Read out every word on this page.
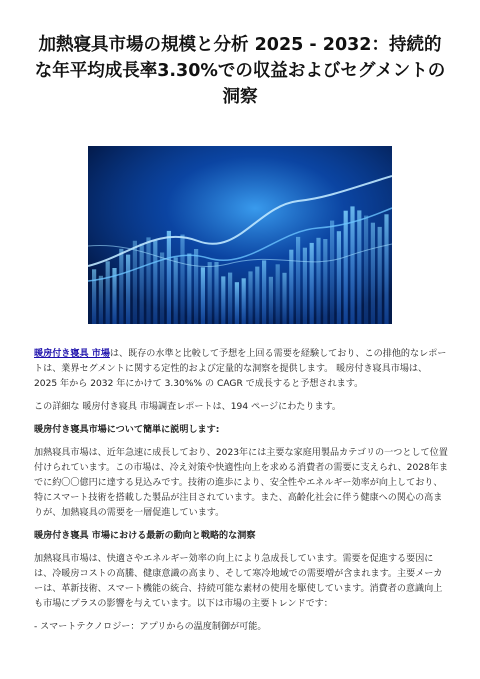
加熱寝具市場の規模と分析 2025 - 2032：持続的な年平均成長率3.30%での収益およびセグメントの洞察

暖房付き寝具 市場は、既存の水準と比較して予想を上回る需要を経験しており、この排他的なレポートは、業界セグメントに関する定性的および定量的な洞察を提供します。 暖房付き寝具市場は、2025 年から 2032 年にかけて 3.30%% の CAGR で成長すると予想されます。

この詳細な 暖房付き寝具 市場調査レポートは、194 ページにわたります。

暖房付き寝具市場について簡単に説明します:

加熱寝具市場は、近年急速に成長しており、2023年には主要な家庭用製品カテゴリの一つとして位置付けられています。この市場は、冷え対策や快適性向上を求める消費者の需要に支えられ、2028年までに約〇〇億円に達する見込みです。技術の進歩により、安全性やエネルギー効率が向上しており、特にスマート技術を搭載した製品が注目されています。また、高齢化社会に伴う健康への関心の高まりが、加熱寝具の需要を一層促進しています。

暖房付き寝具 市場における最新の動向と戦略的な洞察

加熱寝具市場は、快適さやエネルギー効率の向上により急成長しています。需要を促進する要因には、冷暖房コストの高騰、健康意識の高まり、そして寒冷地域での需要増が含まれます。主要メーカーは、革新技術、スマート機能の統合、持続可能な素材の使用を駆使しています。消費者の意識向上も市場にプラスの影響を与えています。以下は市場の主要トレンドです：

- スマートテクノロジー：アプリからの温度制御が可能。
